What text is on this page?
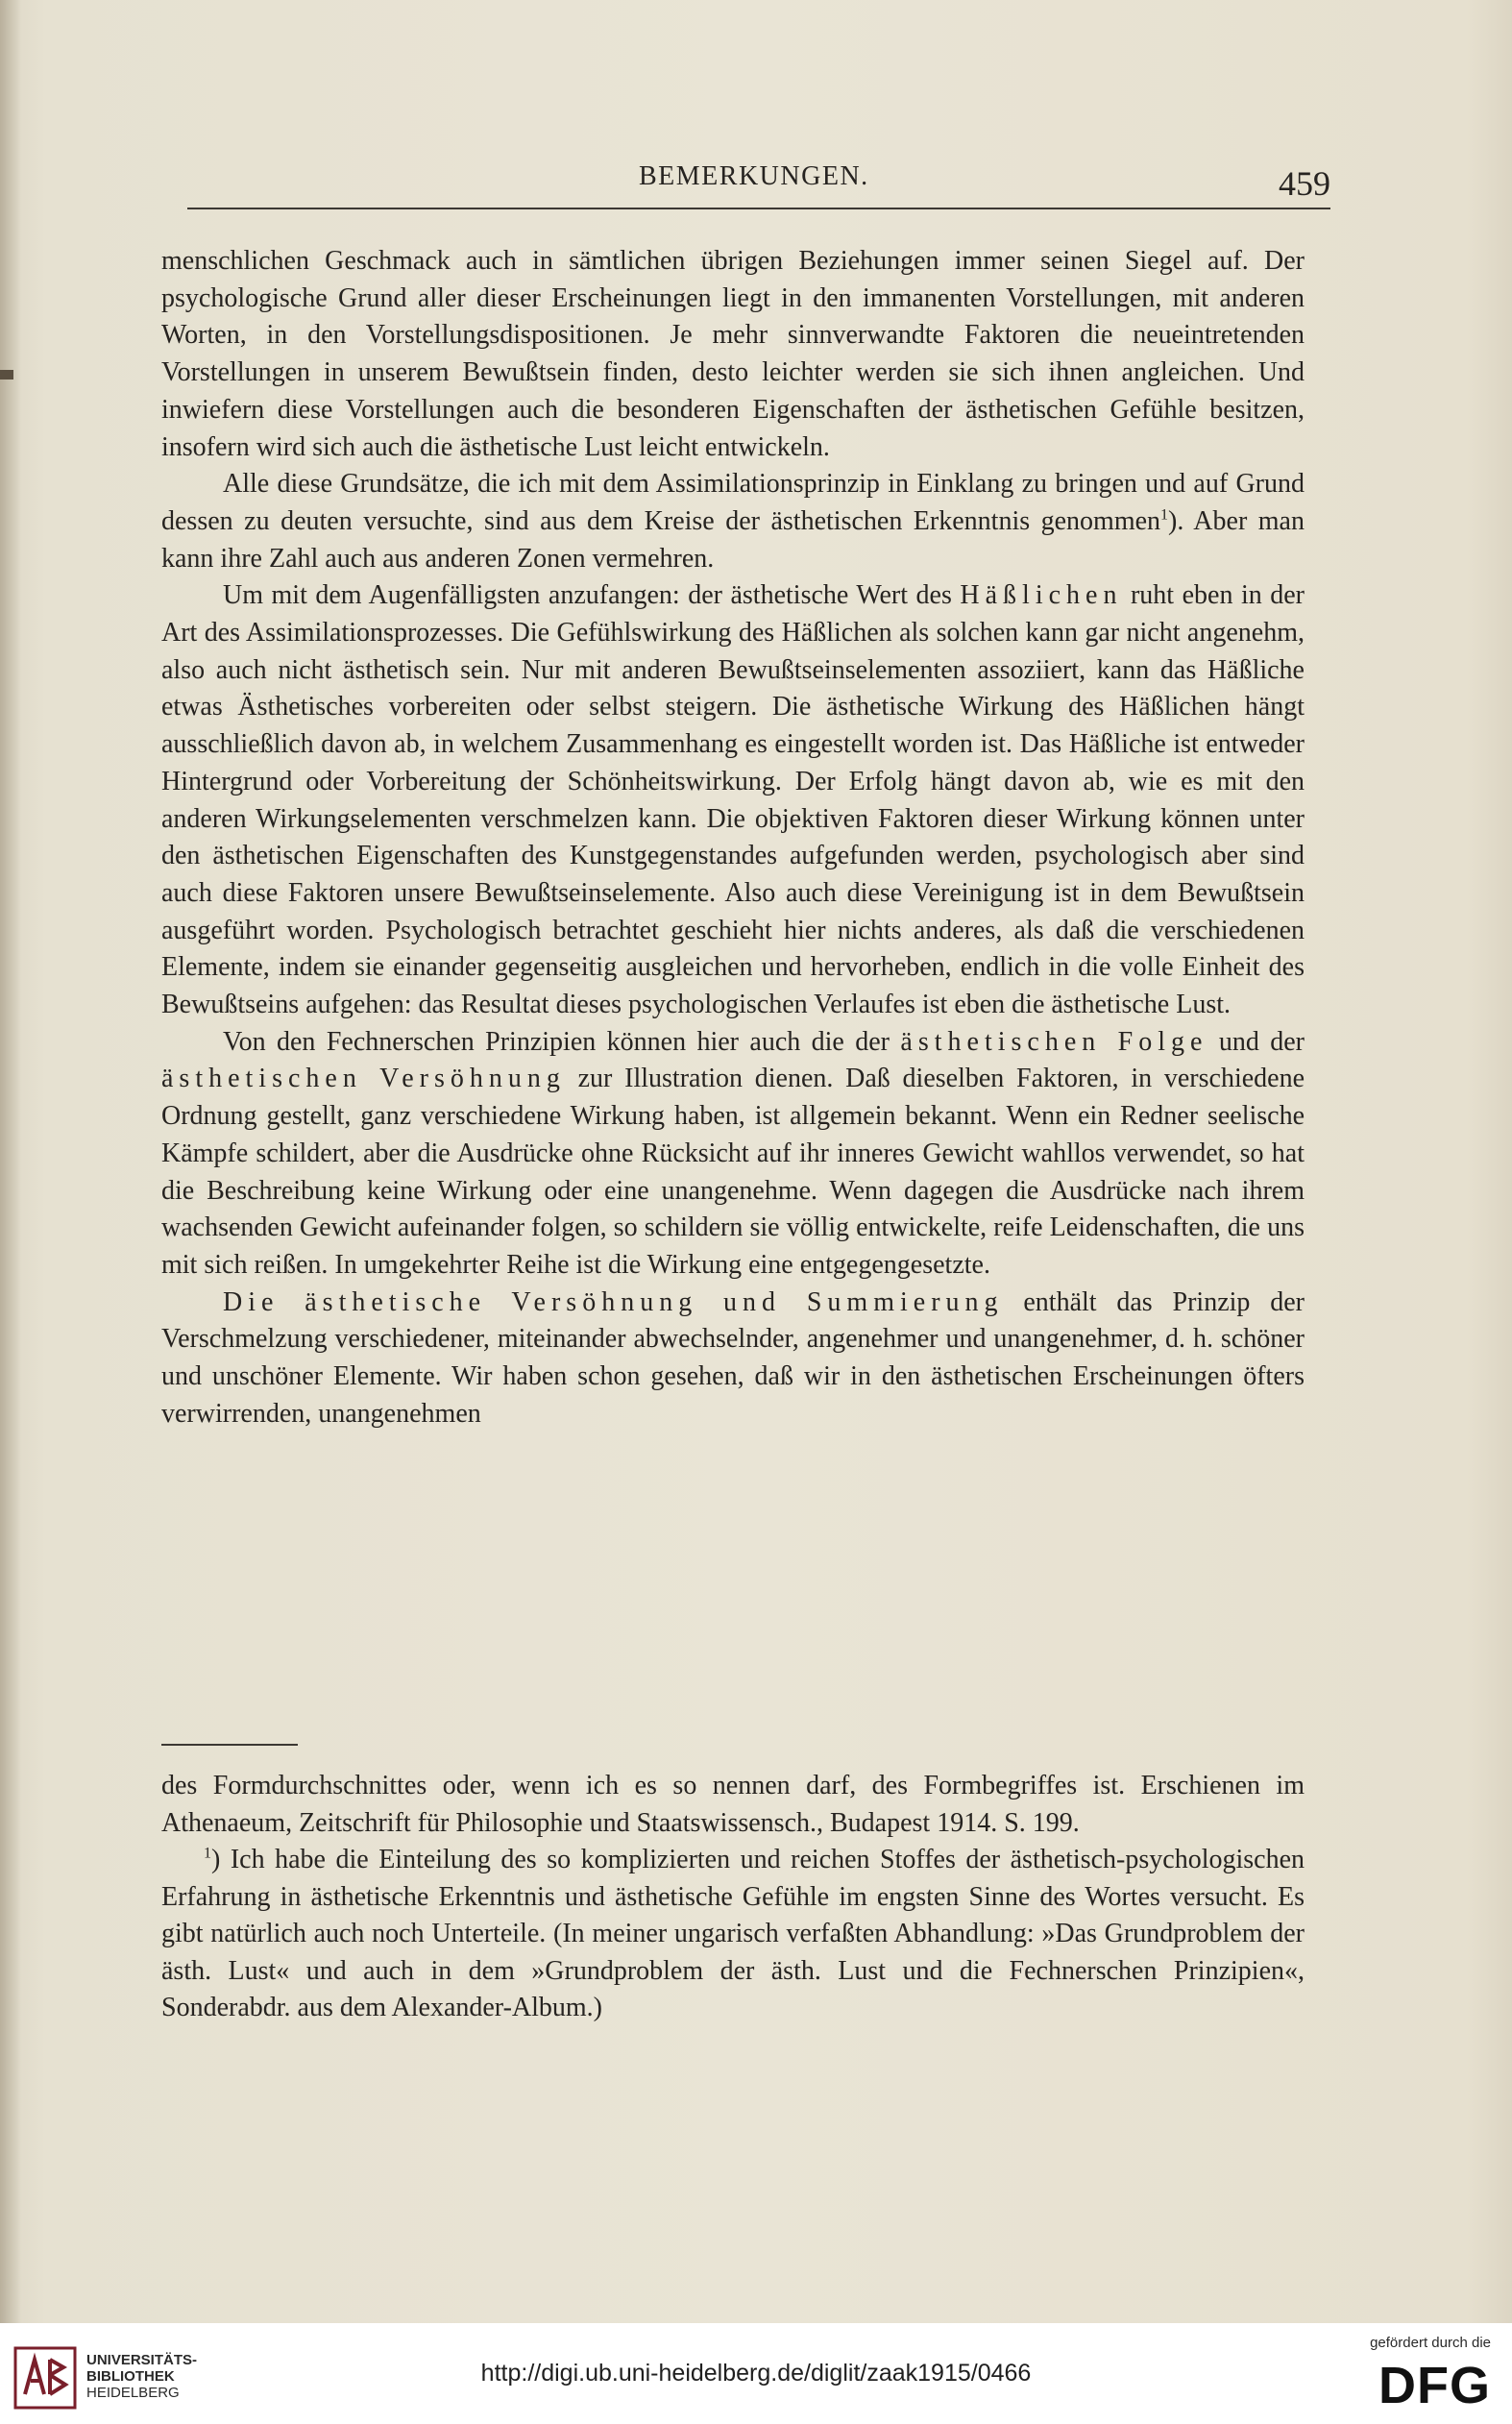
BEMERKUNGEN.	459

menschlichen Geschmack auch in sämtlichen übrigen Beziehungen immer seinen Siegel auf. Der psychologische Grund aller dieser Erscheinungen liegt in den immanenten Vorstellungen, mit anderen Worten, in den Vorstellungsdispositionen. Je mehr sinnverwandte Faktoren die neueintretenden Vorstellungen in unserem Bewußtsein finden, desto leichter werden sie sich ihnen angleichen. Und inwiefern diese Vorstellungen auch die besonderen Eigenschaften der ästhetischen Gefühle besitzen, insofern wird sich auch die ästhetische Lust leicht entwickeln.

Alle diese Grundsätze, die ich mit dem Assimilationsprinzip in Einklang zu bringen und auf Grund dessen zu deuten versuchte, sind aus dem Kreise der ästhetischen Erkenntnis genommen$^1$). Aber man kann ihre Zahl auch aus anderen Zonen vermehren.

Um mit dem Augenfälligsten anzufangen: der ästhetische Wert des Häßlichen ruht eben in der Art des Assimilationsprozesses. Die Gefühlswirkung des Häßlichen als solchen kann gar nicht angenehm, also auch nicht ästhetisch sein. Nur mit anderen Bewußtseinselementen assoziiert, kann das Häßliche etwas Ästhetisches vorbereiten oder selbst steigern. Die ästhetische Wirkung des Häßlichen hängt ausschließlich davon ab, in welchem Zusammenhang es eingestellt worden ist. Das Häßliche ist entweder Hintergrund oder Vorbereitung der Schönheitswirkung. Der Erfolg hängt davon ab, wie es mit den anderen Wirkungselementen verschmelzen kann. Die objektiven Faktoren dieser Wirkung können unter den ästhetischen Eigenschaften des Kunstgegenstandes aufgefunden werden, psychologisch aber sind auch diese Faktoren unsere Bewußtseinselemente. Also auch diese Vereinigung ist in dem Bewußtsein ausgeführt worden. Psychologisch betrachtet geschieht hier nichts anderes, als daß die verschiedenen Elemente, indem sie einander gegenseitig ausgleichen und hervorheben, endlich in die volle Einheit des Bewußtseins aufgehen: das Resultat dieses psychologischen Verlaufes ist eben die ästhetische Lust.

Von den Fechnerschen Prinzipien können hier auch die der ästhetischen Folge und der ästhetischen Versöhnung zur Illustration dienen. Daß dieselben Faktoren, in verschiedene Ordnung gestellt, ganz verschiedene Wirkung haben, ist allgemein bekannt. Wenn ein Redner seelische Kämpfe schildert, aber die Ausdrücke ohne Rücksicht auf ihr inneres Gewicht wahllos verwendet, so hat die Beschreibung keine Wirkung oder eine unangenehme. Wenn dagegen die Ausdrücke nach ihrem wachsenden Gewicht aufeinander folgen, so schildern sie völlig entwickelte, reife Leidenschaften, die uns mit sich reißen. In umgekehrter Reihe ist die Wirkung eine entgegengesetzte.

Die ästhetische Versöhnung und Summierung enthält das Prinzip der Verschmelzung verschiedener, miteinander abwechselnder, angenehmer und unangenehmer, d. h. schöner und unschöner Elemente. Wir haben schon gesehen, daß wir in den ästhetischen Erscheinungen öfters verwirrenden, unangenehmen

des Formdurchschnittes oder, wenn ich es so nennen darf, des Formbegriffes ist. Erschienen im Athenaeum, Zeitschrift für Philosophie und Staatswissensch., Budapest 1914. S. 199.

$^1$) Ich habe die Einteilung des so komplizierten und reichen Stoffes der ästhetisch-psychologischen Erfahrung in ästhetische Erkenntnis und ästhetische Gefühle im engsten Sinne des Wortes versucht. Es gibt natürlich auch noch Unterteile. (In meiner ungarisch verfaßten Abhandlung: »Das Grundproblem der ästh. Lust« und auch in dem »Grundproblem der ästh. Lust und die Fechnerschen Prinzipien«, Sonderabdr. aus dem Alexander-Album.)

UNIVERSITÄTS-
BIBLIOTHEK
HEIDELBERG
http://digi.ub.uni-heidelberg.de/diglit/zaak1915/0466
gefördert durch die
DFG
